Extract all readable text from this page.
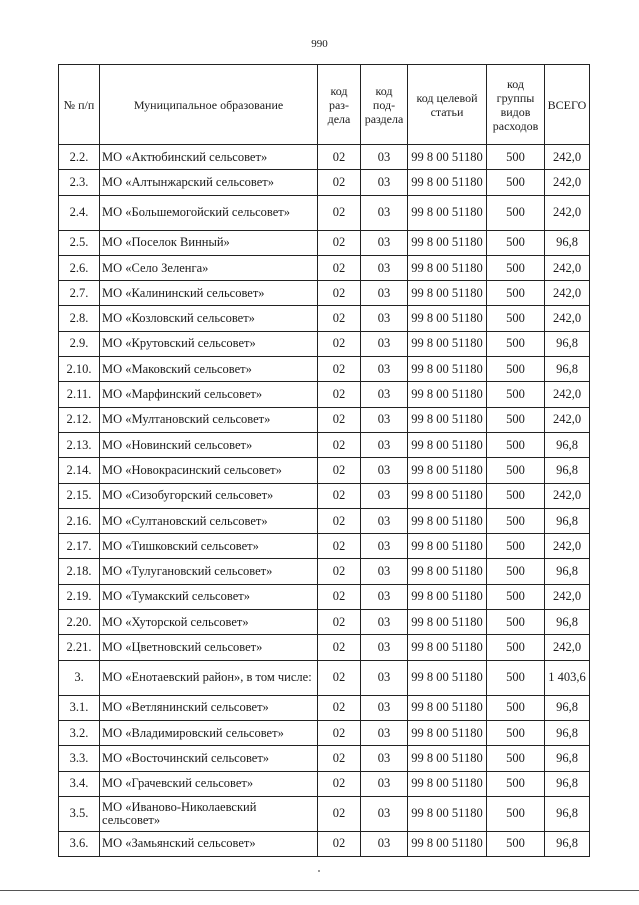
990
№ п/п	Муниципальное образование	код раз-дела	код под-раздела	код целевой статьи	код группы видов расходов	ВСЕГО
2.2.	МО «Актюбинский сельсовет»	02	03	99 8 00 51180	500	242,0
2.3.	МО «Алтынжарский сельсовет»	02	03	99 8 00 51180	500	242,0
2.4.	МО «Большемогойский сельсовет»	02	03	99 8 00 51180	500	242,0
2.5.	МО «Поселок Винный»	02	03	99 8 00 51180	500	96,8
2.6.	МО «Село Зеленга»	02	03	99 8 00 51180	500	242,0
2.7.	МО «Калининский сельсовет»	02	03	99 8 00 51180	500	242,0
2.8.	МО «Козловский сельсовет»	02	03	99 8 00 51180	500	242,0
2.9.	МО «Крутовский сельсовет»	02	03	99 8 00 51180	500	96,8
2.10.	МО «Маковский сельсовет»	02	03	99 8 00 51180	500	96,8
2.11.	МО «Марфинский сельсовет»	02	03	99 8 00 51180	500	242,0
2.12.	МО «Мултановский сельсовет»	02	03	99 8 00 51180	500	242,0
2.13.	МО «Новинский сельсовет»	02	03	99 8 00 51180	500	96,8
2.14.	МО «Новокрасинский сельсовет»	02	03	99 8 00 51180	500	96,8
2.15.	МО «Сизобугорский сельсовет»	02	03	99 8 00 51180	500	242,0
2.16.	МО «Султановский сельсовет»	02	03	99 8 00 51180	500	96,8
2.17.	МО «Тишковский сельсовет»	02	03	99 8 00 51180	500	242,0
2.18.	МО «Тулугановский сельсовет»	02	03	99 8 00 51180	500	96,8
2.19.	МО «Тумакский сельсовет»	02	03	99 8 00 51180	500	242,0
2.20.	МО «Хуторской сельсовет»	02	03	99 8 00 51180	500	96,8
2.21.	МО «Цветновский сельсовет»	02	03	99 8 00 51180	500	242,0
3.	МО «Енотаевский район», в том числе:	02	03	99 8 00 51180	500	1 403,6
3.1.	МО «Ветлянинский сельсовет»	02	03	99 8 00 51180	500	96,8
3.2.	МО «Владимировский сельсовет»	02	03	99 8 00 51180	500	96,8
3.3.	МО «Восточинский сельсовет»	02	03	99 8 00 51180	500	96,8
3.4.	МО «Грачевский сельсовет»	02	03	99 8 00 51180	500	96,8
3.5.	МО «Иваново-Николаевский сельсовет»	02	03	99 8 00 51180	500	96,8
3.6.	МО «Замьянский сельсовет»	02	03	99 8 00 51180	500	96,8
